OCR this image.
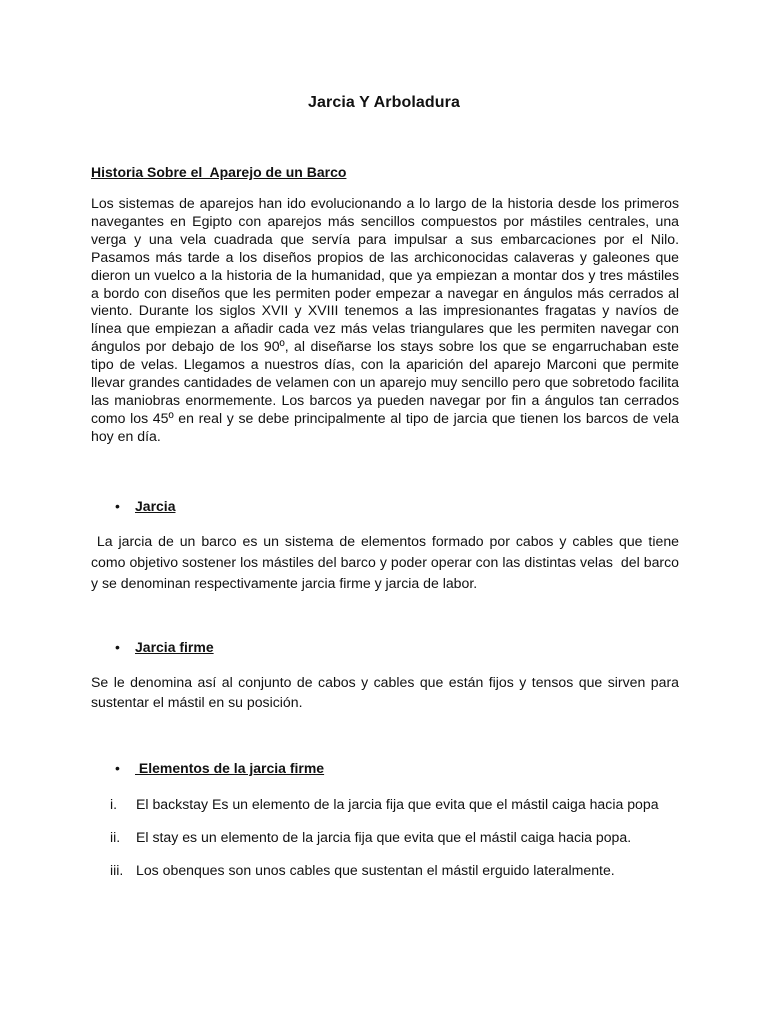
Jarcia Y Arboladura
Historia Sobre el  Aparejo de un Barco

Los sistemas de aparejos han ido evolucionando a lo largo de la historia desde los primeros navegantes en Egipto con aparejos más sencillos compuestos por mástiles centrales, una verga y una vela cuadrada que servía para impulsar a sus embarcaciones por el Nilo. Pasamos más tarde a los diseños propios de las archiconocidas calaveras y galeones que dieron un vuelco a la historia de la humanidad, que ya empiezan a montar dos y tres mástiles a bordo con diseños que les permiten poder empezar a navegar en ángulos más cerrados al viento. Durante los siglos XVII y XVIII tenemos a las impresionantes fragatas y navíos de línea que empiezan a añadir cada vez más velas triangulares que les permiten navegar con ángulos por debajo de los 90º, al diseñarse los stays sobre los que se engarruchaban este tipo de velas. Llegamos a nuestros días, con la aparición del aparejo Marconi que permite llevar grandes cantidades de velamen con un aparejo muy sencillo pero que sobretodo facilita las maniobras enormemente. Los barcos ya pueden navegar por fin a ángulos tan cerrados como los 45º en real y se debe principalmente al tipo de jarcia que tienen los barcos de vela hoy en día.

•	Jarcia

La jarcia de un barco es un sistema de elementos formado por cabos y cables que tiene como objetivo sostener los mástiles del barco y poder operar con las distintas velas  del barco y se denominan respectivamente jarcia firme y jarcia de labor.

•	Jarcia firme

Se le denomina así al conjunto de cabos y cables que están fijos y tensos que sirven para sustentar el mástil en su posición.

•	Elementos de la jarcia firme
i.	El backstay Es un elemento de la jarcia fija que evita que el mástil caiga hacia popa
ii.	El stay es un elemento de la jarcia fija que evita que el mástil caiga hacia popa.
iii. Los obenques son unos cables que sustentan el mástil erguido lateralmente.
